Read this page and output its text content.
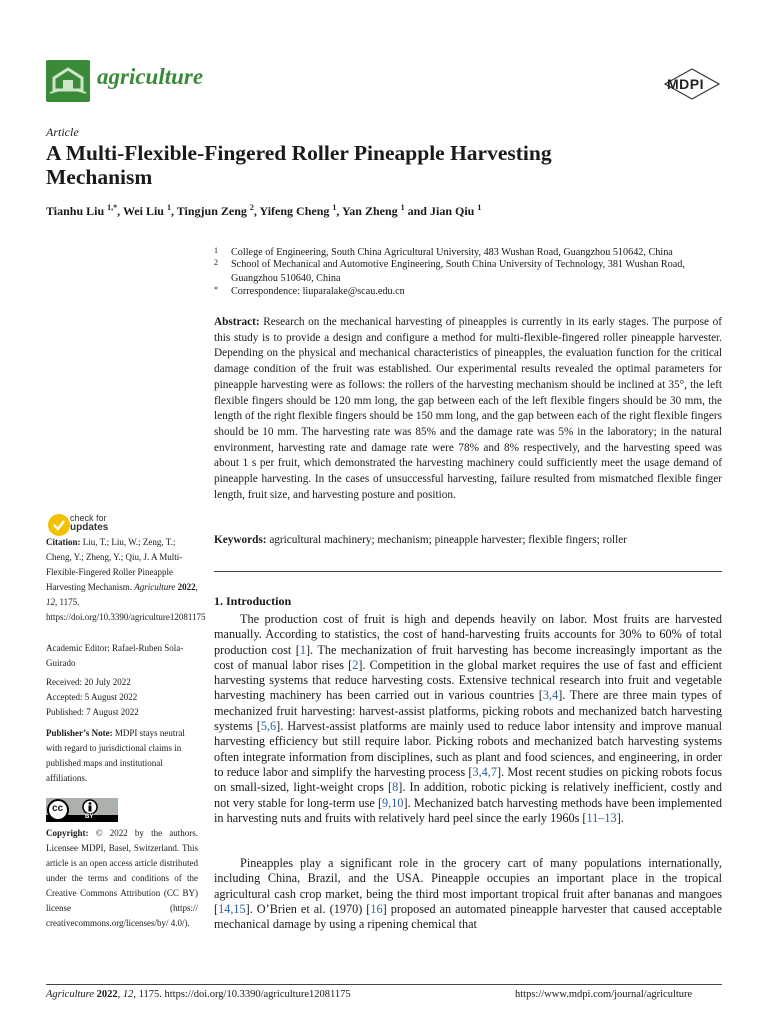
agriculture	MDPI
Article
A Multi-Flexible-Fingered Roller Pineapple Harvesting Mechanism
Tianhu Liu $^{1,*}$, Wei Liu $^1$, Tingjun Zeng $^2$, Yifeng Cheng $^1$, Yan Zheng $^1$ and Jian Qiu $^1$
1 College of Engineering, South China Agricultural University, 483 Wushan Road, Guangzhou 510642, China
2 School of Mechanical and Automotive Engineering, South China University of Technology, 381 Wushan Road, Guangzhou 510640, China
* Correspondence: liuparalake@scau.edu.cn
Abstract: Research on the mechanical harvesting of pineapples is currently in its early stages. The purpose of this study is to provide a design and configure a method for multi-flexible-fingered roller pineapple harvester. Depending on the physical and mechanical characteristics of pineapples, the evaluation function for the critical damage condition of the fruit was established. Our experimental results revealed the optimal parameters for pineapple harvesting were as follows: the rollers of the harvesting mechanism should be inclined at 35°, the left flexible fingers should be 120 mm long, the gap between each of the left flexible fingers should be 30 mm, the length of the right flexible fingers should be 150 mm long, and the gap between each of the right flexible fingers should be 10 mm. The harvesting rate was 85% and the damage rate was 5% in the laboratory; in the natural environment, harvesting rate and damage rate were 78% and 8% respectively, and the harvesting speed was about 1 s per fruit, which demonstrated the harvesting machinery could sufficiently meet the usage demand of pineapple harvesting. In the cases of unsuccessful harvesting, failure resulted from mismatched flexible finger length, fruit size, and harvesting posture and position.
Keywords: agricultural machinery; mechanism; pineapple harvester; flexible fingers; roller
1. Introduction
The production cost of fruit is high and depends heavily on labor. Most fruits are harvested manually. According to statistics, the cost of hand-harvesting fruits accounts for 30% to 60% of total production cost [1]. The mechanization of fruit harvesting has become increasingly important as the cost of manual labor rises [2]. Competition in the global market requires the use of fast and efficient harvesting systems that reduce harvesting costs. Extensive technical research into fruit and vegetable harvesting machinery has been carried out in various countries [3,4]. There are three main types of mechanized fruit harvesting: harvest-assist platforms, picking robots and mechanized batch harvesting systems [5,6]. Harvest-assist platforms are mainly used to reduce labor intensity and improve manual harvesting efficiency but still require labor. Picking robots and mechanized batch harvesting systems often integrate information from disciplines, such as plant and food sciences, and engineering, in order to reduce labor and simplify the harvesting process [3,4,7]. Most recent studies on picking robots focus on small-sized, light-weight crops [8]. In addition, robotic picking is relatively inefficient, costly and not very stable for long-term use [9,10]. Mechanized batch harvesting methods have been implemented in harvesting nuts and fruits with relatively hard peel since the early 1960s [11–13].
Pineapples play a significant role in the grocery cart of many populations internationally, including China, Brazil, and the USA. Pineapple occupies an important place in the tropical agricultural cash crop market, being the third most important tropical fruit after bananas and mangoes [14,15]. O’Brien et al. (1970) [16] proposed an automated pineapple harvester that caused acceptable mechanical damage by using a ripening chemical that
check for
updates
Citation: Liu, T.; Liu, W.; Zeng, T.; Cheng, Y.; Zheng, Y.; Qiu, J. A Multi-Flexible-Fingered Roller Pineapple Harvesting Mechanism. Agriculture 2022, 12, 1175. https://doi.org/10.3390/agriculture12081175
Academic Editor: Rafael-Ruben Sola-Guirado
Received: 20 July 2022
Accepted: 5 August 2022
Published: 7 August 2022
Publisher’s Note: MDPI stays neutral with regard to jurisdictional claims in published maps and institutional affiliations.
cc
BY
Copyright: © 2022 by the authors. Licensee MDPI, Basel, Switzerland. This article is an open access article distributed under the terms and conditions of the Creative Commons Attribution (CC BY) license (https:// creativecommons.org/licenses/by/ 4.0/).
Agriculture 2022, 12, 1175. https://doi.org/10.3390/agriculture12081175	https://www.mdpi.com/journal/agriculture
